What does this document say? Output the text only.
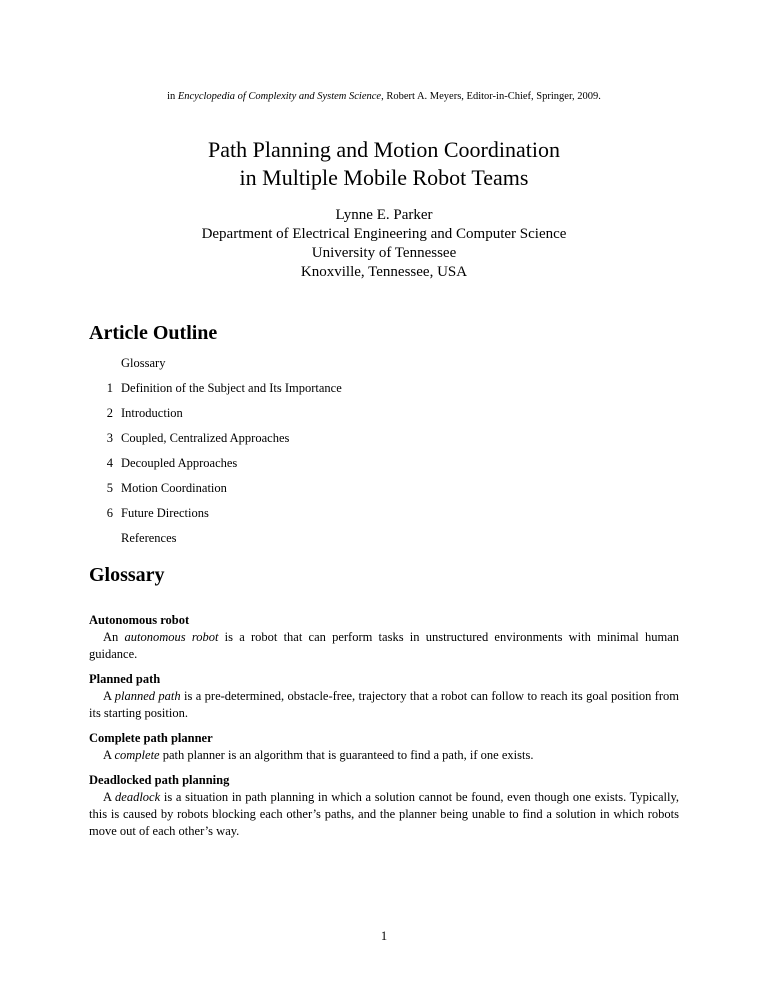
in Encyclopedia of Complexity and System Science, Robert A. Meyers, Editor-in-Chief, Springer, 2009.
Path Planning and Motion Coordination
in Multiple Mobile Robot Teams
Lynne E. Parker
Department of Electrical Engineering and Computer Science
University of Tennessee
Knoxville, Tennessee, USA
Article Outline
Glossary
1 Definition of the Subject and Its Importance
2 Introduction
3 Coupled, Centralized Approaches
4 Decoupled Approaches
5 Motion Coordination
6 Future Directions
References
Glossary
Autonomous robot
An autonomous robot is a robot that can perform tasks in unstructured environments with minimal human guidance.
Planned path
A planned path is a pre-determined, obstacle-free, trajectory that a robot can follow to reach its goal position from its starting position.
Complete path planner
A complete path planner is an algorithm that is guaranteed to find a path, if one exists.
Deadlocked path planning
A deadlock is a situation in path planning in which a solution cannot be found, even though one exists. Typically, this is caused by robots blocking each other’s paths, and the planner being unable to find a solution in which robots move out of each other’s way.
1
